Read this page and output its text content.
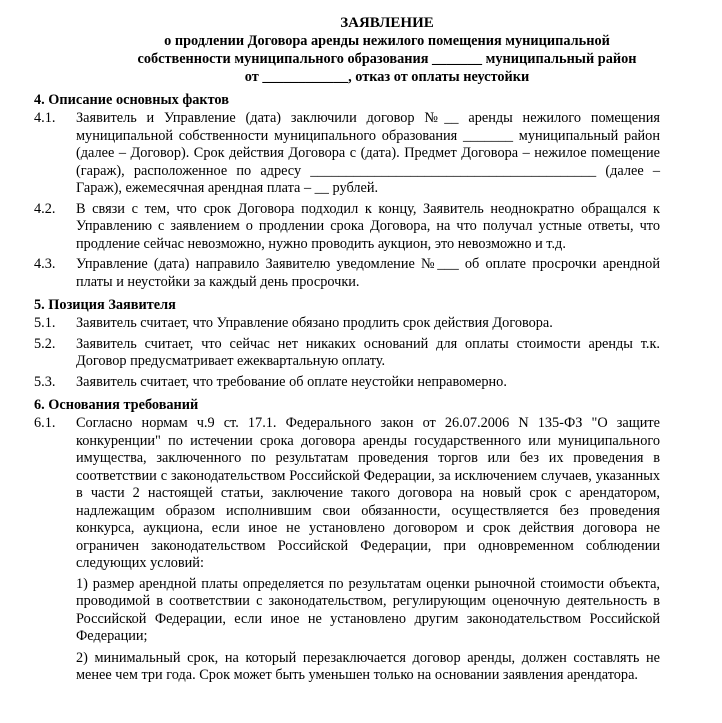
ЗАЯВЛЕНИЕ
о продлении Договора аренды нежилого помещения муниципальной
собственности муниципального образования _______ муниципальный район
от ____________, отказ от оплаты неустойки
4. Описание основных фактов
4.1.	Заявитель и Управление (дата) заключили договор №__ аренды нежилого помещения муниципальной собственности муниципального образования _______ муниципальный район (далее – Договор). Срок действия Договора с (дата). Предмет Договора – нежилое помещение (гараж), расположенное по адресу ________________________________________ (далее – Гараж), ежемесячная арендная плата – __ рублей.
4.2.	В связи с тем, что срок Договора подходил к концу, Заявитель неоднократно обращался к Управлению с заявлением о продлении срока Договора, на что получал устные ответы, что продление сейчас невозможно, нужно проводить аукцион, это невозможно и т.д.
4.3.	Управление (дата) направило Заявителю уведомление №___ об оплате просрочки арендной платы и неустойки за каждый день просрочки.
5. Позиция Заявителя
5.1.	Заявитель считает, что Управление обязано продлить срок действия Договора.
5.2.	Заявитель считает, что сейчас нет никаких оснований для оплаты стоимости аренды т.к. Договор предусматривает ежеквартальную оплату.
5.3.	Заявитель считает, что требование об оплате неустойки неправомерно.
6. Основания требований
6.1.	Согласно нормам ч.9 ст. 17.1. Федерального закон от 26.07.2006 N 135-ФЗ "О защите конкуренции" по истечении срока договора аренды государственного или муниципального имущества, заключенного по результатам проведения торгов или без их проведения в соответствии с законодательством Российской Федерации, за исключением случаев, указанных в части 2 настоящей статьи, заключение такого договора на новый срок с арендатором, надлежащим образом исполнившим свои обязанности, осуществляется без проведения конкурса, аукциона, если иное не установлено договором и срок действия договора не ограничен законодательством Российской Федерации, при одновременном соблюдении следующих условий:
1) размер арендной платы определяется по результатам оценки рыночной стоимости объекта, проводимой в соответствии с законодательством, регулирующим оценочную деятельность в Российской Федерации, если иное не установлено другим законодательством Российской Федерации;
2) минимальный срок, на который перезаключается договор аренды, должен составлять не менее чем три года. Срок может быть уменьшен только на основании заявления арендатора.
